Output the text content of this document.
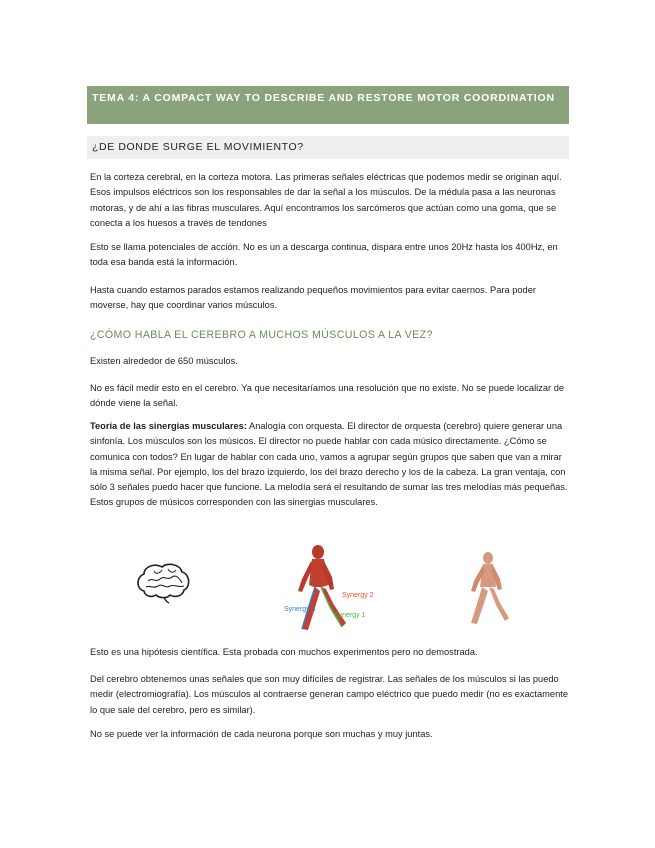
TEMA 4: A COMPACT WAY TO DESCRIBE AND RESTORE MOTOR COORDINATION
¿DE DONDE SURGE EL MOVIMIENTO?
En la corteza cerebral, en la corteza motora. Las primeras señales eléctricas que podemos medir se originan aquí. Esos impulsos eléctricos son los responsables de dar la señal a los músculos. De la médula pasa a las neuronas motoras, y de ahí a las fibras musculares. Aquí encontramos los sarcómeros que actúan como una goma, que se conecta a los huesos a través de tendones
Esto se llama potenciales de acción. No es un a descarga continua, dispara entre unos 20Hz hasta los 400Hz, en toda esa banda está la información.
Hasta cuando estamos parados estamos realizando pequeños movimientos para evitar caernos. Para poder moverse, hay que coordinar varios músculos.
¿CÓMO HABLA EL CEREBRO A MUCHOS MÚSCULOS A LA VEZ?
Existen alrededor de 650 músculos.
No es fácil medir esto en el cerebro. Ya que necesitaríamos una resolución que no existe. No se puede localizar de dónde viene la señal.
Teoría de las sinergias musculares: Analogía con orquesta. El director de orquesta (cerebro) quiere generar una sinfonía. Los músculos son los músicos. El director no puede hablar con cada músico directamente. ¿Cómo se comunica con todos? En lugar de hablar con cada uno, vamos a agrupar según grupos que saben que van a mirar la misma señal. Por ejemplo, los del brazo izquierdo, los del brazo derecho y los de la cabeza. La gran ventaja, con sólo 3 señales puedo hacer que funcione. La melodía será el resultando de sumar las tres melodías más pequeñas. Estos grupos de músicos corresponden con las sinergias musculares.
Synergy 2
Synergy 3
Synergy 1
Esto es una hipótesis científica. Esta probada con muchos experimentos pero no demostrada.
Del cerebro obtenemos unas señales que son muy difíciles de registrar. Las señales de los músculos si las puedo medir (electromiografía). Los músculos al contraerse generan campo eléctrico que puedo medir (no es exactamente lo que sale del cerebro, pero es similar).
No se puede ver la información de cada neurona porque son muchas y muy juntas.
